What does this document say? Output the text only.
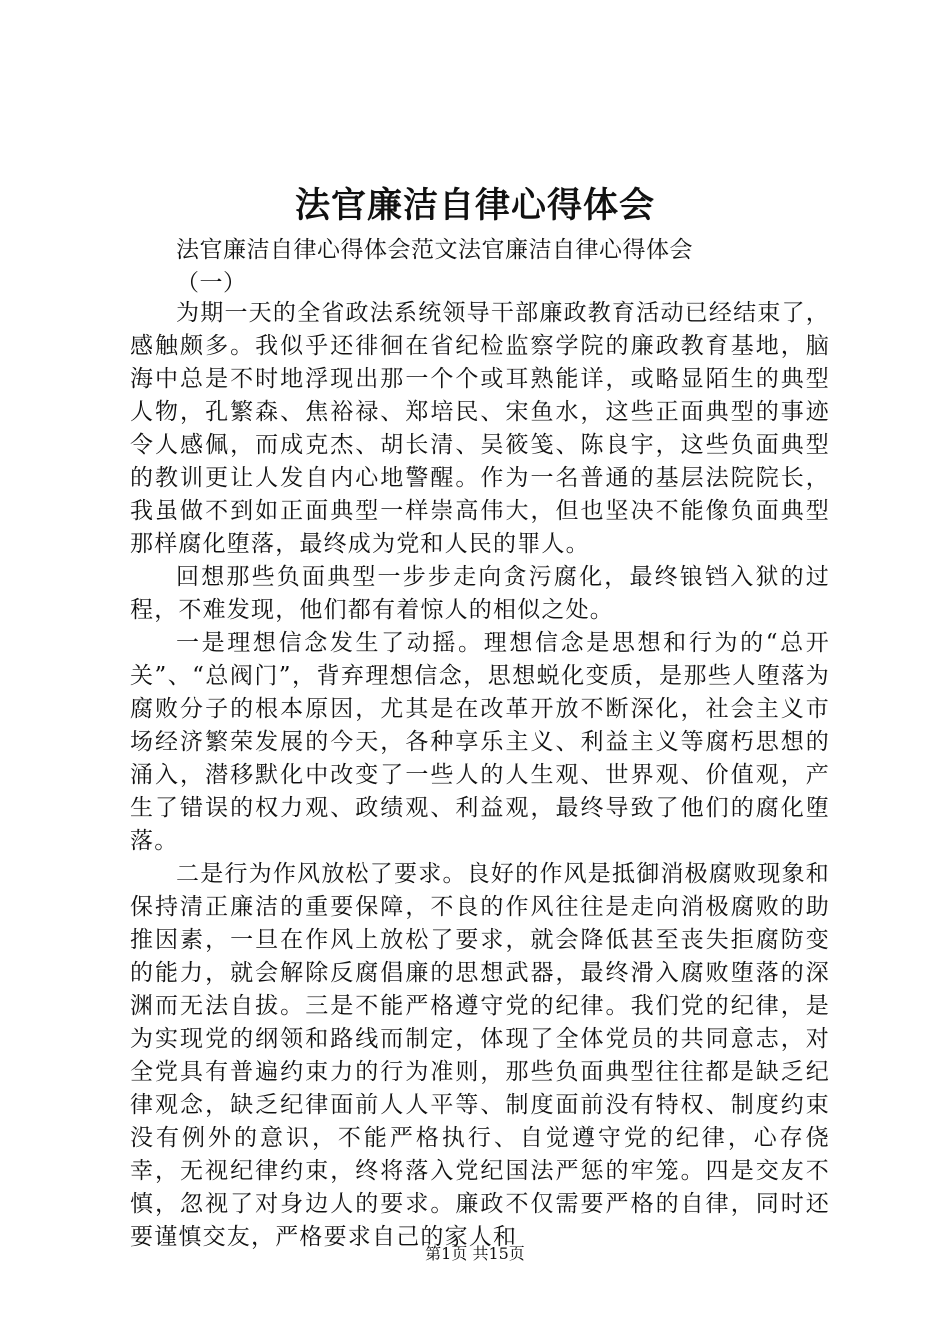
法官廉洁自律心得体会
法官廉洁自律心得体会范文法官廉洁自律心得体会
（一）

为期一天的全省政法系统领导干部廉政教育活动已经结束了，感触颇多。我似乎还徘徊在省纪检监察学院的廉政教育基地，脑海中总是不时地浮现出那一个个或耳熟能详，或略显陌生的典型人物，孔繁森、焦裕禄、郑培民、宋鱼水，这些正面典型的事迹令人感佩，而成克杰、胡长清、吴筱笺、陈良宇，这些负面典型的教训更让人发自内心地警醒。作为一名普通的基层法院院长，我虽做不到如正面典型一样崇高伟大，但也坚决不能像负面典型那样腐化堕落，最终成为党和人民的罪人。

回想那些负面典型一步步走向贪污腐化，最终锒铛入狱的过程，不难发现，他们都有着惊人的相似之处。

一是理想信念发生了动摇。理想信念是思想和行为的“总开关”、“总阀门”，背弃理想信念，思想蜕化变质，是那些人堕落为腐败分子的根本原因，尤其是在改革开放不断深化，社会主义市场经济繁荣发展的今天，各种享乐主义、利益主义等腐朽思想的涌入，潜移默化中改变了一些人的人生观、世界观、价值观，产生了错误的权力观、政绩观、利益观，最终导致了他们的腐化堕落。

二是行为作风放松了要求。良好的作风是抵御消极腐败现象和保持清正廉洁的重要保障，不良的作风往往是走向消极腐败的助推因素，一旦在作风上放松了要求，就会降低甚至丧失拒腐防变的能力，就会解除反腐倡廉的思想武器，最终滑入腐败堕落的深渊而无法自拔。三是不能严格遵守党的纪律。我们党的纪律，是为实现党的纲领和路线而制定，体现了全体党员的共同意志，对全党具有普遍约束力的行为准则，那些负面典型往往都是缺乏纪律观念，缺乏纪律面前人人平等、制度面前没有特权、制度约束没有例外的意识，不能严格执行、自觉遵守党的纪律，心存侥幸，无视纪律约束，终将落入党纪国法严惩的牢笼。四是交友不慎，忽视了对身边人的要求。廉政不仅需要严格的自律，同时还要谨慎交友，严格要求自己的家人和

第1页 共15页
